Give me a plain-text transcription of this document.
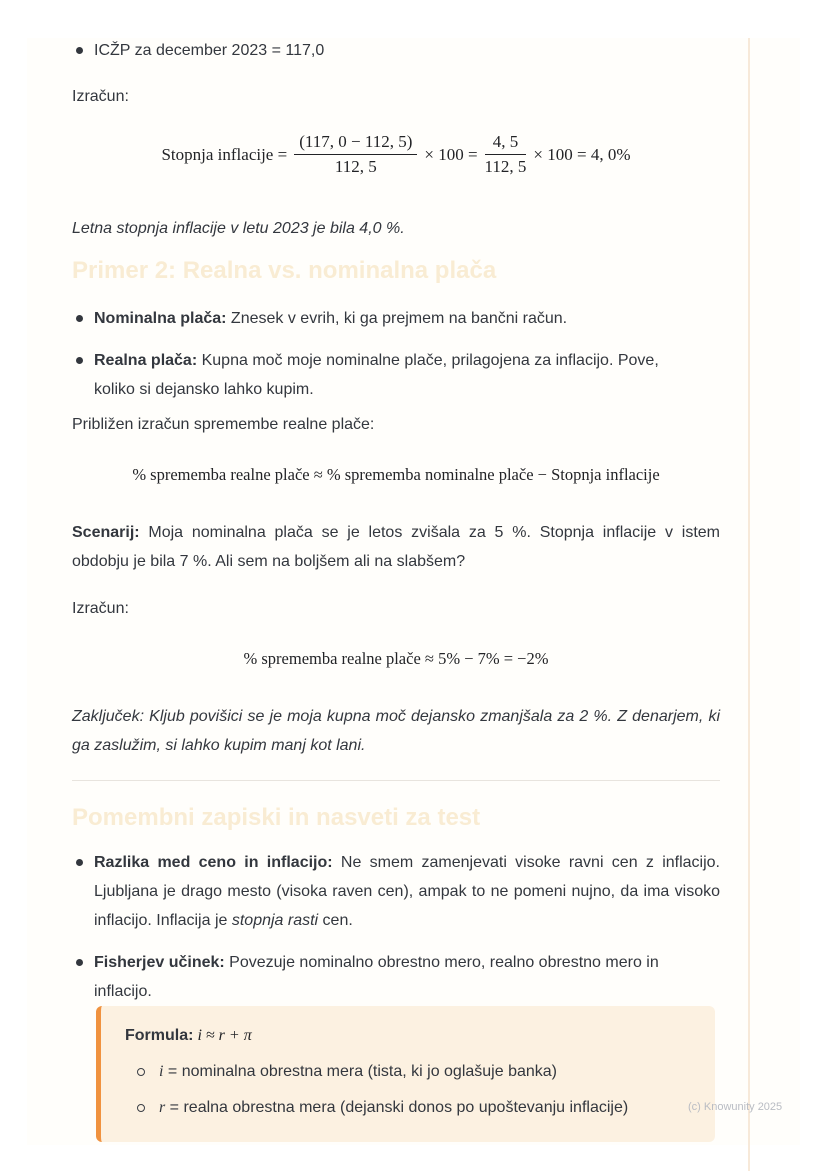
ICŽP za december 2023 = 117,0

Izračun:

Stopnja inflacije = $\frac{(117, 0 - 112, 5)}{112, 5} \times 100 = \frac{4, 5}{112, 5} \times 100 = 4$, 0%

Letna stopnja inflacije v letu 2023 je bila 4,0 %.

Primer 2: Realna vs. nominalna plača
Nominalna plača: Znesek v evrih, ki ga prejmem na bančni račun.
Realna plača: Kupna moč moje nominalne plače, prilagojena za inflacijo. Pove, koliko si dejansko lahko kupim.

Približen izračun spremembe realne plače:

% sprememba realne plače ≈ % sprememba nominalne plače − Stopnja inflacije

Scenarij: Moja nominalna plača se je letos zvišala za 5 %. Stopnja inflacije v istem obdobju je bila 7 %. Ali sem na boljšem ali na slabšem?

Izračun:

% sprememba realne plače ≈ 5% − 7% = −2%

Zaključek: Kljub povišici se je moja kupna moč dejansko zmanjšala za 2 %. Z denarjem, ki ga zaslužim, si lahko kupim manj kot lani.

Pomembni zapiski in nasveti za test
Razlika med ceno in inflacijo: Ne smem zamenjevati visoke ravni cen z inflacijo. Ljubljana je drago mesto (visoka raven cen), ampak to ne pomeni nujno, da ima visoko inflacijo. Inflacija je stopnja rasti cen.
Fisherjev učinek: Povezuje nominalno obrestno mero, realno obrestno mero in inflacijo.
Formula: i ≈ r + π
i = nominalna obrestna mera (tista, ki jo oglašuje banka)
r = realna obrestna mera (dejanski donos po upoštevanju inflacije)	(c) Knowunity 2025
